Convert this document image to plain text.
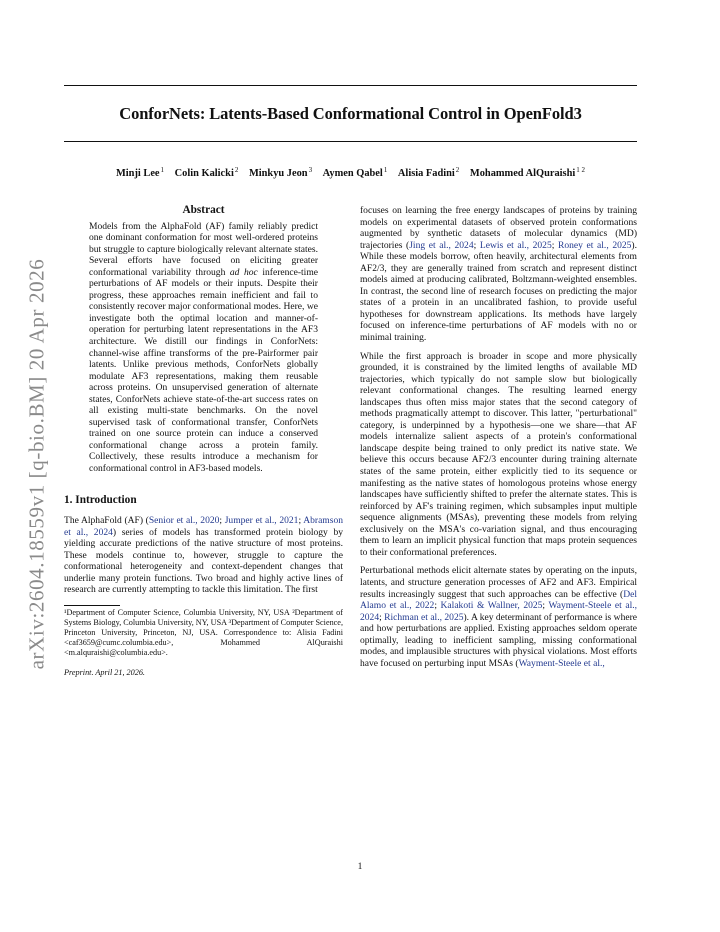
ConforNets: Latents-Based Conformational Control in OpenFold3
Minji Lee$^1$ Colin Kalicki$^2$ Minkyu Jeon$^3$ Aymen Qabel$^1$ Alisia Fadini$^2$ Mohammed AlQuraishi$^{1 2}$
arXiv:2604.18559v1 [q-bio.BM] 20 Apr 2026
Abstract
Models from the AlphaFold (AF) family reliably predict one dominant conformation for most well-ordered proteins but struggle to capture biologically relevant alternate states. Several efforts have focused on eliciting greater conformational variability through ad hoc inference-time perturbations of AF models or their inputs. Despite their progress, these approaches remain inefficient and fail to consistently recover major conformational modes. Here, we investigate both the optimal location and manner-of-operation for perturbing latent representations in the AF3 architecture. We distill our findings in ConforNets: channel-wise affine transforms of the pre-Pairformer pair latents. Unlike previous methods, ConforNets globally modulate AF3 representations, making them reusable across proteins. On unsupervised generation of alternate states, ConforNets achieve state-of-the-art success rates on all existing multi-state benchmarks. On the novel supervised task of conformational transfer, ConforNets trained on one source protein can induce a conserved conformational change across a protein family. Collectively, these results introduce a mechanism for conformational control in AF3-based models.
1. Introduction

The AlphaFold (AF) (Senior et al., 2020; Jumper et al., 2021; Abramson et al., 2024) series of models has transformed protein biology by yielding accurate predictions of the native structure of most proteins. These models continue to, however, struggle to capture the conformational heterogeneity and context-dependent changes that underlie many protein functions. Two broad and highly active lines of research are currently attempting to tackle this limitation. The first

¹Department of Computer Science, Columbia University, NY, USA ²Department of Systems Biology, Columbia University, NY, USA ³Department of Computer Science, Princeton University, Princeton, NJ, USA. Correspondence to: Alisia Fadini <caf3659@cumc.columbia.edu>, Mohammed AlQuraishi <m.alquraishi@columbia.edu>.
Preprint. April 21, 2026.

focuses on learning the free energy landscapes of proteins by training models on experimental datasets of observed protein conformations augmented by synthetic datasets of molecular dynamics (MD) trajectories (Jing et al., 2024; Lewis et al., 2025; Roney et al., 2025). While these models borrow, often heavily, architectural elements from AF2/3, they are generally trained from scratch and represent distinct models aimed at producing calibrated, Boltzmann-weighted ensembles. In contrast, the second line of research focuses on predicting the major states of a protein in an uncalibrated fashion, to provide useful hypotheses for downstream applications. Its methods have largely focused on inference-time perturbations of AF models with no or minimal training.

While the first approach is broader in scope and more physically grounded, it is constrained by the limited lengths of available MD trajectories, which typically do not sample slow but biologically relevant conformational changes. The resulting learned energy landscapes thus often miss major states that the second category of methods pragmatically attempt to discover. This latter, "perturbational" category, is underpinned by a hypothesis—one we share—that AF models internalize salient aspects of a protein's conformational landscape despite being trained to only predict its native state. We believe this occurs because AF2/3 encounter during training alternate states of the same protein, either explicitly tied to its sequence or manifesting as the native states of homologous proteins whose energy landscapes have sufficiently shifted to prefer the alternate states. This is reinforced by AF's training regimen, which subsamples input multiple sequence alignments (MSAs), preventing these models from relying exclusively on the MSA's co-variation signal, and thus encouraging them to learn an implicit physical function that maps protein sequences to their conformational preferences.

Perturbational methods elicit alternate states by operating on the inputs, latents, and structure generation processes of AF2 and AF3. Empirical results increasingly suggest that such approaches can be effective (Del Alamo et al., 2022; Kalakoti & Wallner, 2025; Wayment-Steele et al., 2024; Richman et al., 2025). A key determinant of performance is where and how perturbations are applied. Existing approaches seldom operate optimally, leading to inefficient sampling, missing conformational modes, and implausible structures with physical violations. Most efforts have focused on perturbing input MSAs (Wayment-Steele et al.,

1
